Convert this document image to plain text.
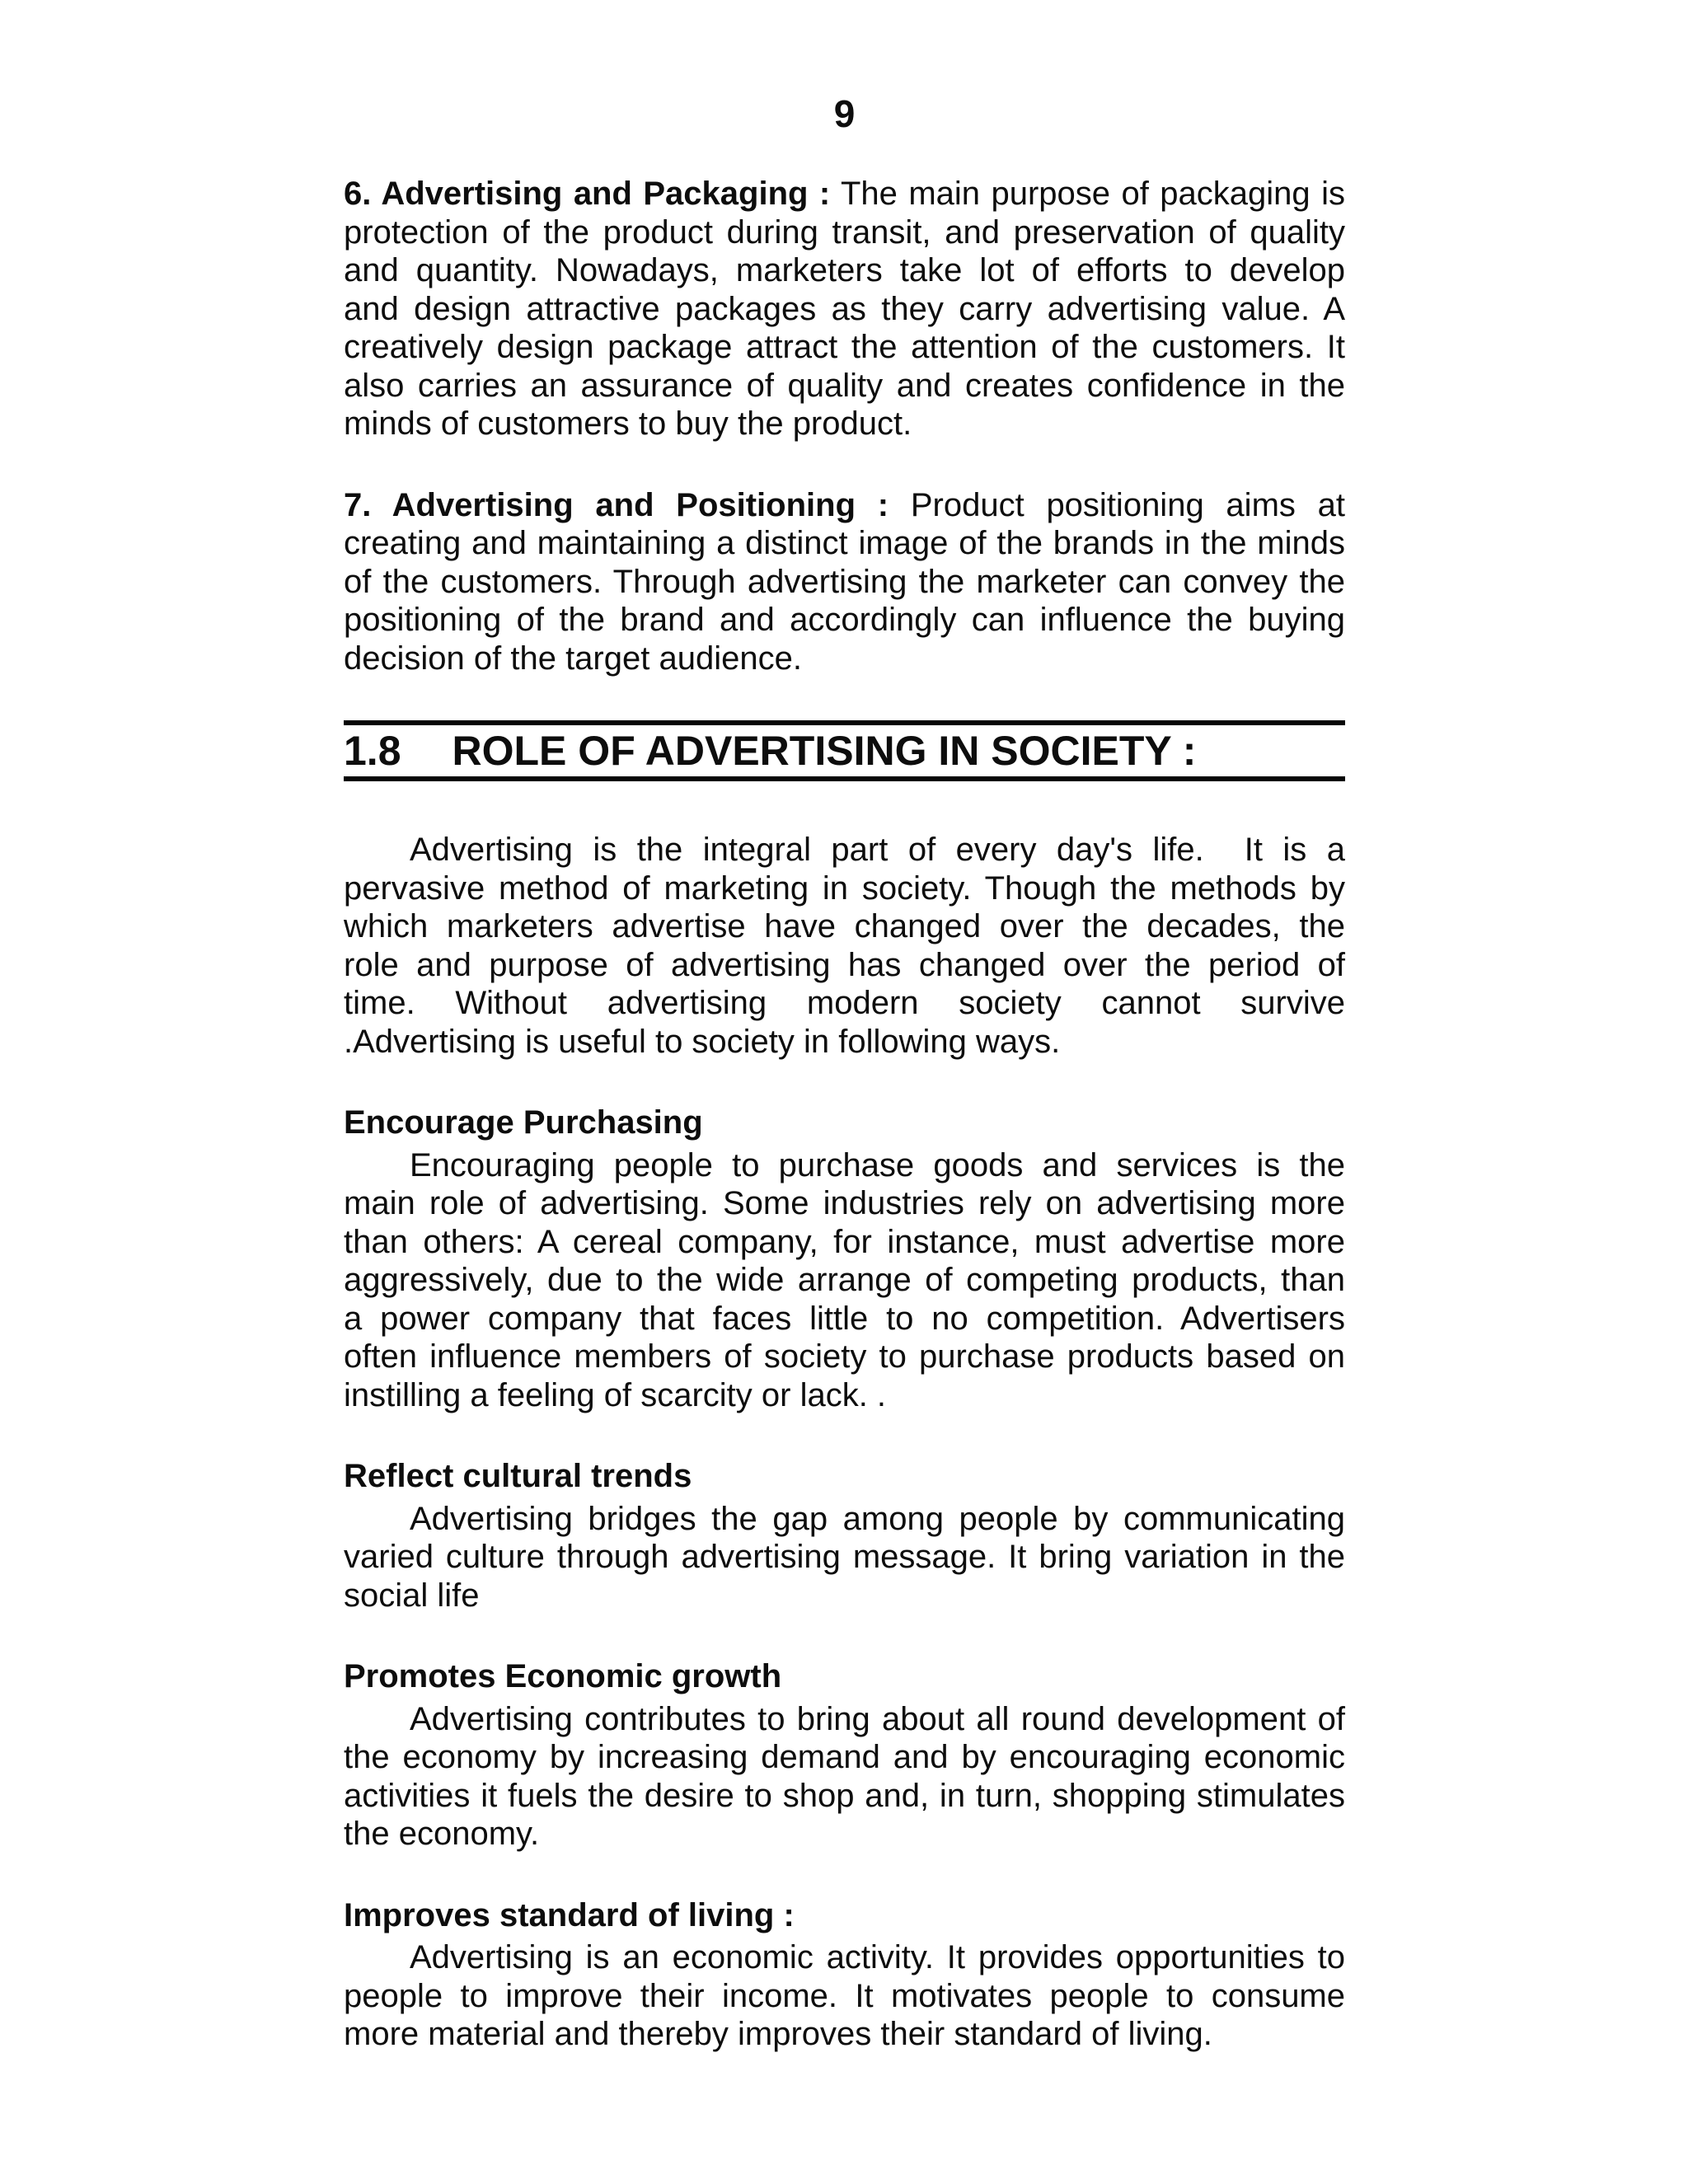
9
6. Advertising and Packaging : The main purpose of packaging is
protection of the product during transit, and preservation of quality
and quantity. Nowadays, marketers take lot of efforts to develop
and design attractive packages as they carry advertising value. A
creatively design package attract the attention of the customers. It
also carries an assurance of quality and creates confidence in the
minds of customers to buy the product.
7. Advertising and Positioning : Product positioning aims at
creating and maintaining a distinct image of the brands in the minds
of the customers. Through advertising the marketer can convey the
positioning of the brand and accordingly can influence the buying
decision of the target audience.
1.8 ROLE OF ADVERTISING IN SOCIETY :
Advertising is the integral part of every day's life.  It is a
pervasive method of marketing in society. Though the methods by
which marketers advertise have changed over the decades, the
role and purpose of advertising has changed over the period of
time. Without advertising modern society cannot survive
.Advertising is useful to society in following ways.
Encourage Purchasing
Encouraging people to purchase goods and services is the
main role of advertising. Some industries rely on advertising more
than others: A cereal company, for instance, must advertise more
aggressively, due to the wide arrange of competing products, than
a power company that faces little to no competition. Advertisers
often influence members of society to purchase products based on
instilling a feeling of scarcity or lack. .
Reflect cultural trends
Advertising bridges the gap among people by communicating
varied culture through advertising message. It bring variation in the
social life
Promotes Economic growth
Advertising contributes to bring about all round development of
the economy by increasing demand and by encouraging economic
activities it fuels the desire to shop and, in turn, shopping stimulates
the economy.
Improves standard of living :
Advertising is an economic activity. It provides opportunities to
people to improve their income. It motivates people to consume
more material and thereby improves their standard of living.
